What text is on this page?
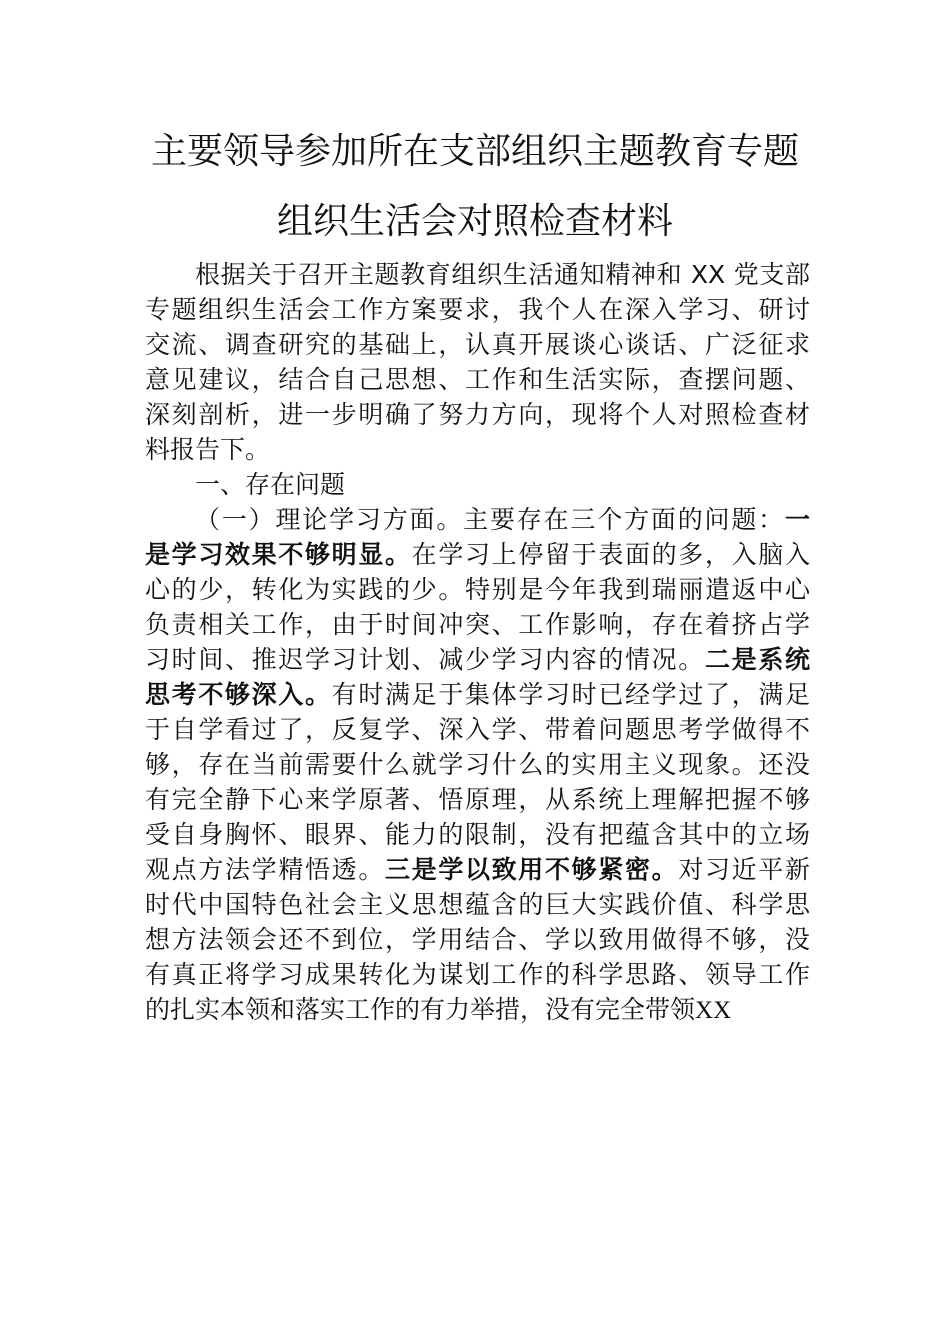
主要领导参加所在支部组织主题教育专题
组织生活会对照检查材料
根据关于召开主题教育组织生活通知精神和 XX 党支部
专题组织生活会工作方案要求，我个人在深入学习、研讨
交流、调查研究的基础上，认真开展谈心谈话、广泛征求
意见建议，结合自己思想、工作和生活实际，查摆问题、
深刻剖析，进一步明确了努力方向，现将个人对照检查材
料报告下。
一、存在问题
（一）理论学习方面。主要存在三个方面的问题：一
是学习效果不够明显。在学习上停留于表面的多，入脑入
心的少，转化为实践的少。特别是今年我到瑞丽遣返中心
负责相关工作，由于时间冲突、工作影响，存在着挤占学
习时间、推迟学习计划、减少学习内容的情况。二是系统
思考不够深入。有时满足于集体学习时已经学过了，满足
于自学看过了，反复学、深入学、带着问题思考学做得不
够，存在当前需要什么就学习什么的实用主义现象。还没
有完全静下心来学原著、悟原理，从系统上理解把握不够
受自身胸怀、眼界、能力的限制，没有把蕴含其中的立场
观点方法学精悟透。三是学以致用不够紧密。对习近平新
时代中国特色社会主义思想蕴含的巨大实践价值、科学思
想方法领会还不到位，学用结合、学以致用做得不够，没
有真正将学习成果转化为谋划工作的科学思路、领导工作
的扎实本领和落实工作的有力举措，没有完全带领XX
